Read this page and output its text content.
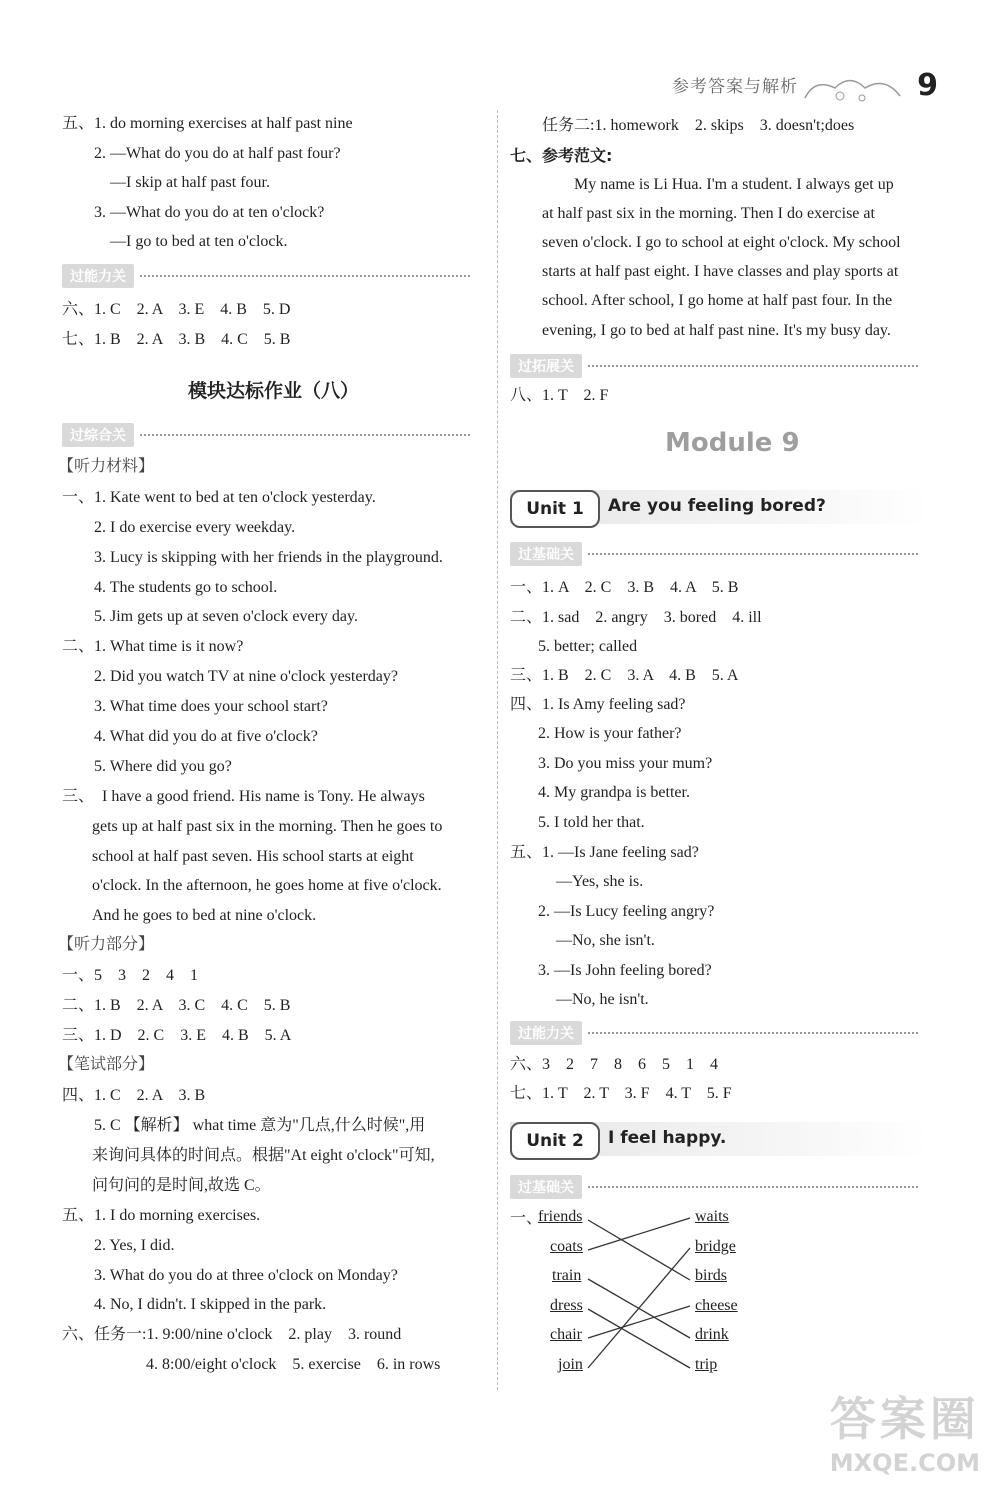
参考答案与解析	9
五、1. do morning exercises at half past nine
2. —What do you do at half past four?
—I skip at half past four.
3. —What do you do at ten o'clock?
—I go to bed at ten o'clock.
过能力关
六、1. C　2. A　3. E　4. B　5. D
七、1. B　2. A　3. B　4. C　5. B
模块达标作业（八）
过综合关
【听力材料】
一、1. Kate went to bed at ten o'clock yesterday.
2. I do exercise every weekday.
3. Lucy is skipping with her friends in the playground.
4. The students go to school.
5. Jim gets up at seven o'clock every day.
二、1. What time is it now?
2. Did you watch TV at nine o'clock yesterday?
3. What time does your school start?
4. What did you do at five o'clock?
5. Where did you go?
三、　I have a good friend. His name is Tony. He always
gets up at half past six in the morning. Then he goes to
school at half past seven. His school starts at eight
o'clock. In the afternoon, he goes home at five o'clock.
And he goes to bed at nine o'clock.
【听力部分】
一、5　3　2　4　1
二、1. B　2. A　3. C　4. C　5. B
三、1. D　2. C　3. E　4. B　5. A
【笔试部分】
四、1. C　2. A　3. B
5. C 【解析】 what time 意为"几点,什么时候",用
来询问具体的时间点。根据"At eight o'clock"可知,
问句问的是时间,故选 C。
五、1. I do morning exercises.
2. Yes, I did.
3. What do you do at three o'clock on Monday?
4. No, I didn't. I skipped in the park.
六、任务一:1. 9:00/nine o'clock　2. play　3. round
4. 8:00/eight o'clock　5. exercise　6. in rows
任务二:1. homework　2. skips　3. doesn't;does
七、参考范文:
　　My name is Li Hua. I'm a student. I always get up
at half past six in the morning. Then I do exercise at
seven o'clock. I go to school at eight o'clock. My school
starts at half past eight. I have classes and play sports at
school. After school, I go home at half past four. In the
evening, I go to bed at half past nine. It's my busy day.
过拓展关
八、1. T　2. F
Module 9
Unit 1	Are you feeling bored?
过基础关
一、1. A　2. C　3. B　4. A　5. B
二、1. sad　2. angry　3. bored　4. ill
5. better; called
三、1. B　2. C　3. A　4. B　5. A
四、1. Is Amy feeling sad?
2. How is your father?
3. Do you miss your mum?
4. My grandpa is better.
5. I told her that.
五、1. —Is Jane feeling sad?
—Yes, she is.
2. —Is Lucy feeling angry?
—No, she isn't.
3. —Is John feeling bored?
—No, he isn't.
过能力关
六、3　2　7　8　6　5　1　4
七、1. T　2. T　3. F　4. T　5. F
Unit 2	I feel happy.
过基础关
一、
friends
coats
train
dress
chair
join
waits
bridge
birds
cheese
drink
trip
答案圈
MXQE.COM
